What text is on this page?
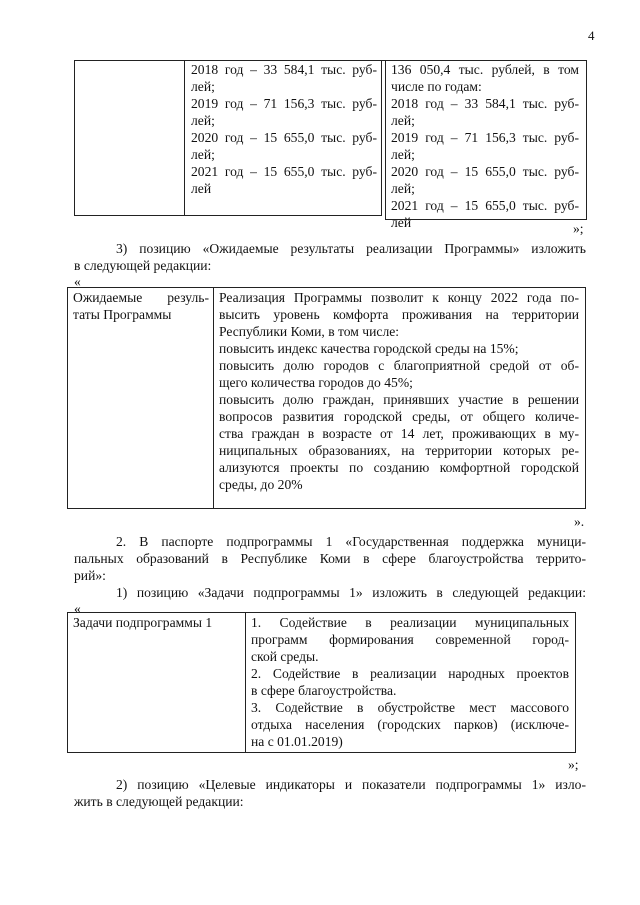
4
2018 год – 33 584,1 тыс. руб-
лей;
2019 год – 71 156,3 тыс. руб-
лей;
2020 год – 15 655,0 тыс. руб-
лей;
2021 год – 15 655,0 тыс. руб-
лей
136 050,4 тыс. рублей, в том
числе по годам:
2018 год – 33 584,1 тыс. руб-
лей;
2019 год – 71 156,3 тыс. руб-
лей;
2020 год – 15 655,0 тыс. руб-
лей;
2021 год – 15 655,0 тыс. руб-
лей	»;
3) позицию «Ожидаемые результаты реализации Программы» изложить
в следующей редакции:
«
Ожидаемые резуль-
таты Программы
Реализация Программы позволит к концу 2022 года по-
высить уровень комфорта проживания на территории
Республики Коми, в том числе:
повысить индекс качества городской среды на 15%;
повысить долю городов с благоприятной средой от об-
щего количества городов до 45%;
повысить долю граждан, принявших участие в решении
вопросов развития городской среды, от общего количе-
ства граждан в возрасте от 14 лет, проживающих в му-
ниципальных образованиях, на территории которых ре-
ализуются проекты по созданию комфортной городской
среды, до 20%
».
2. В паспорте подпрограммы 1 «Государственная поддержка муници-
пальных образований в Республике Коми в сфере благоустройства террито-
рий»:
1) позицию «Задачи подпрограммы 1» изложить в следующей редакции:
«
Задачи подпрограммы 1	1. Содействие в реализации муниципальных
программ формирования современной город-
ской среды.
2. Содействие в реализации народных проектов
в сфере благоустройства.
3. Содействие в обустройстве мест массового
отдыха населения (городских парков) (исключе-
на с 01.01.2019)
»;
2) позицию «Целевые индикаторы и показатели подпрограммы 1» изло-
жить в следующей редакции:
